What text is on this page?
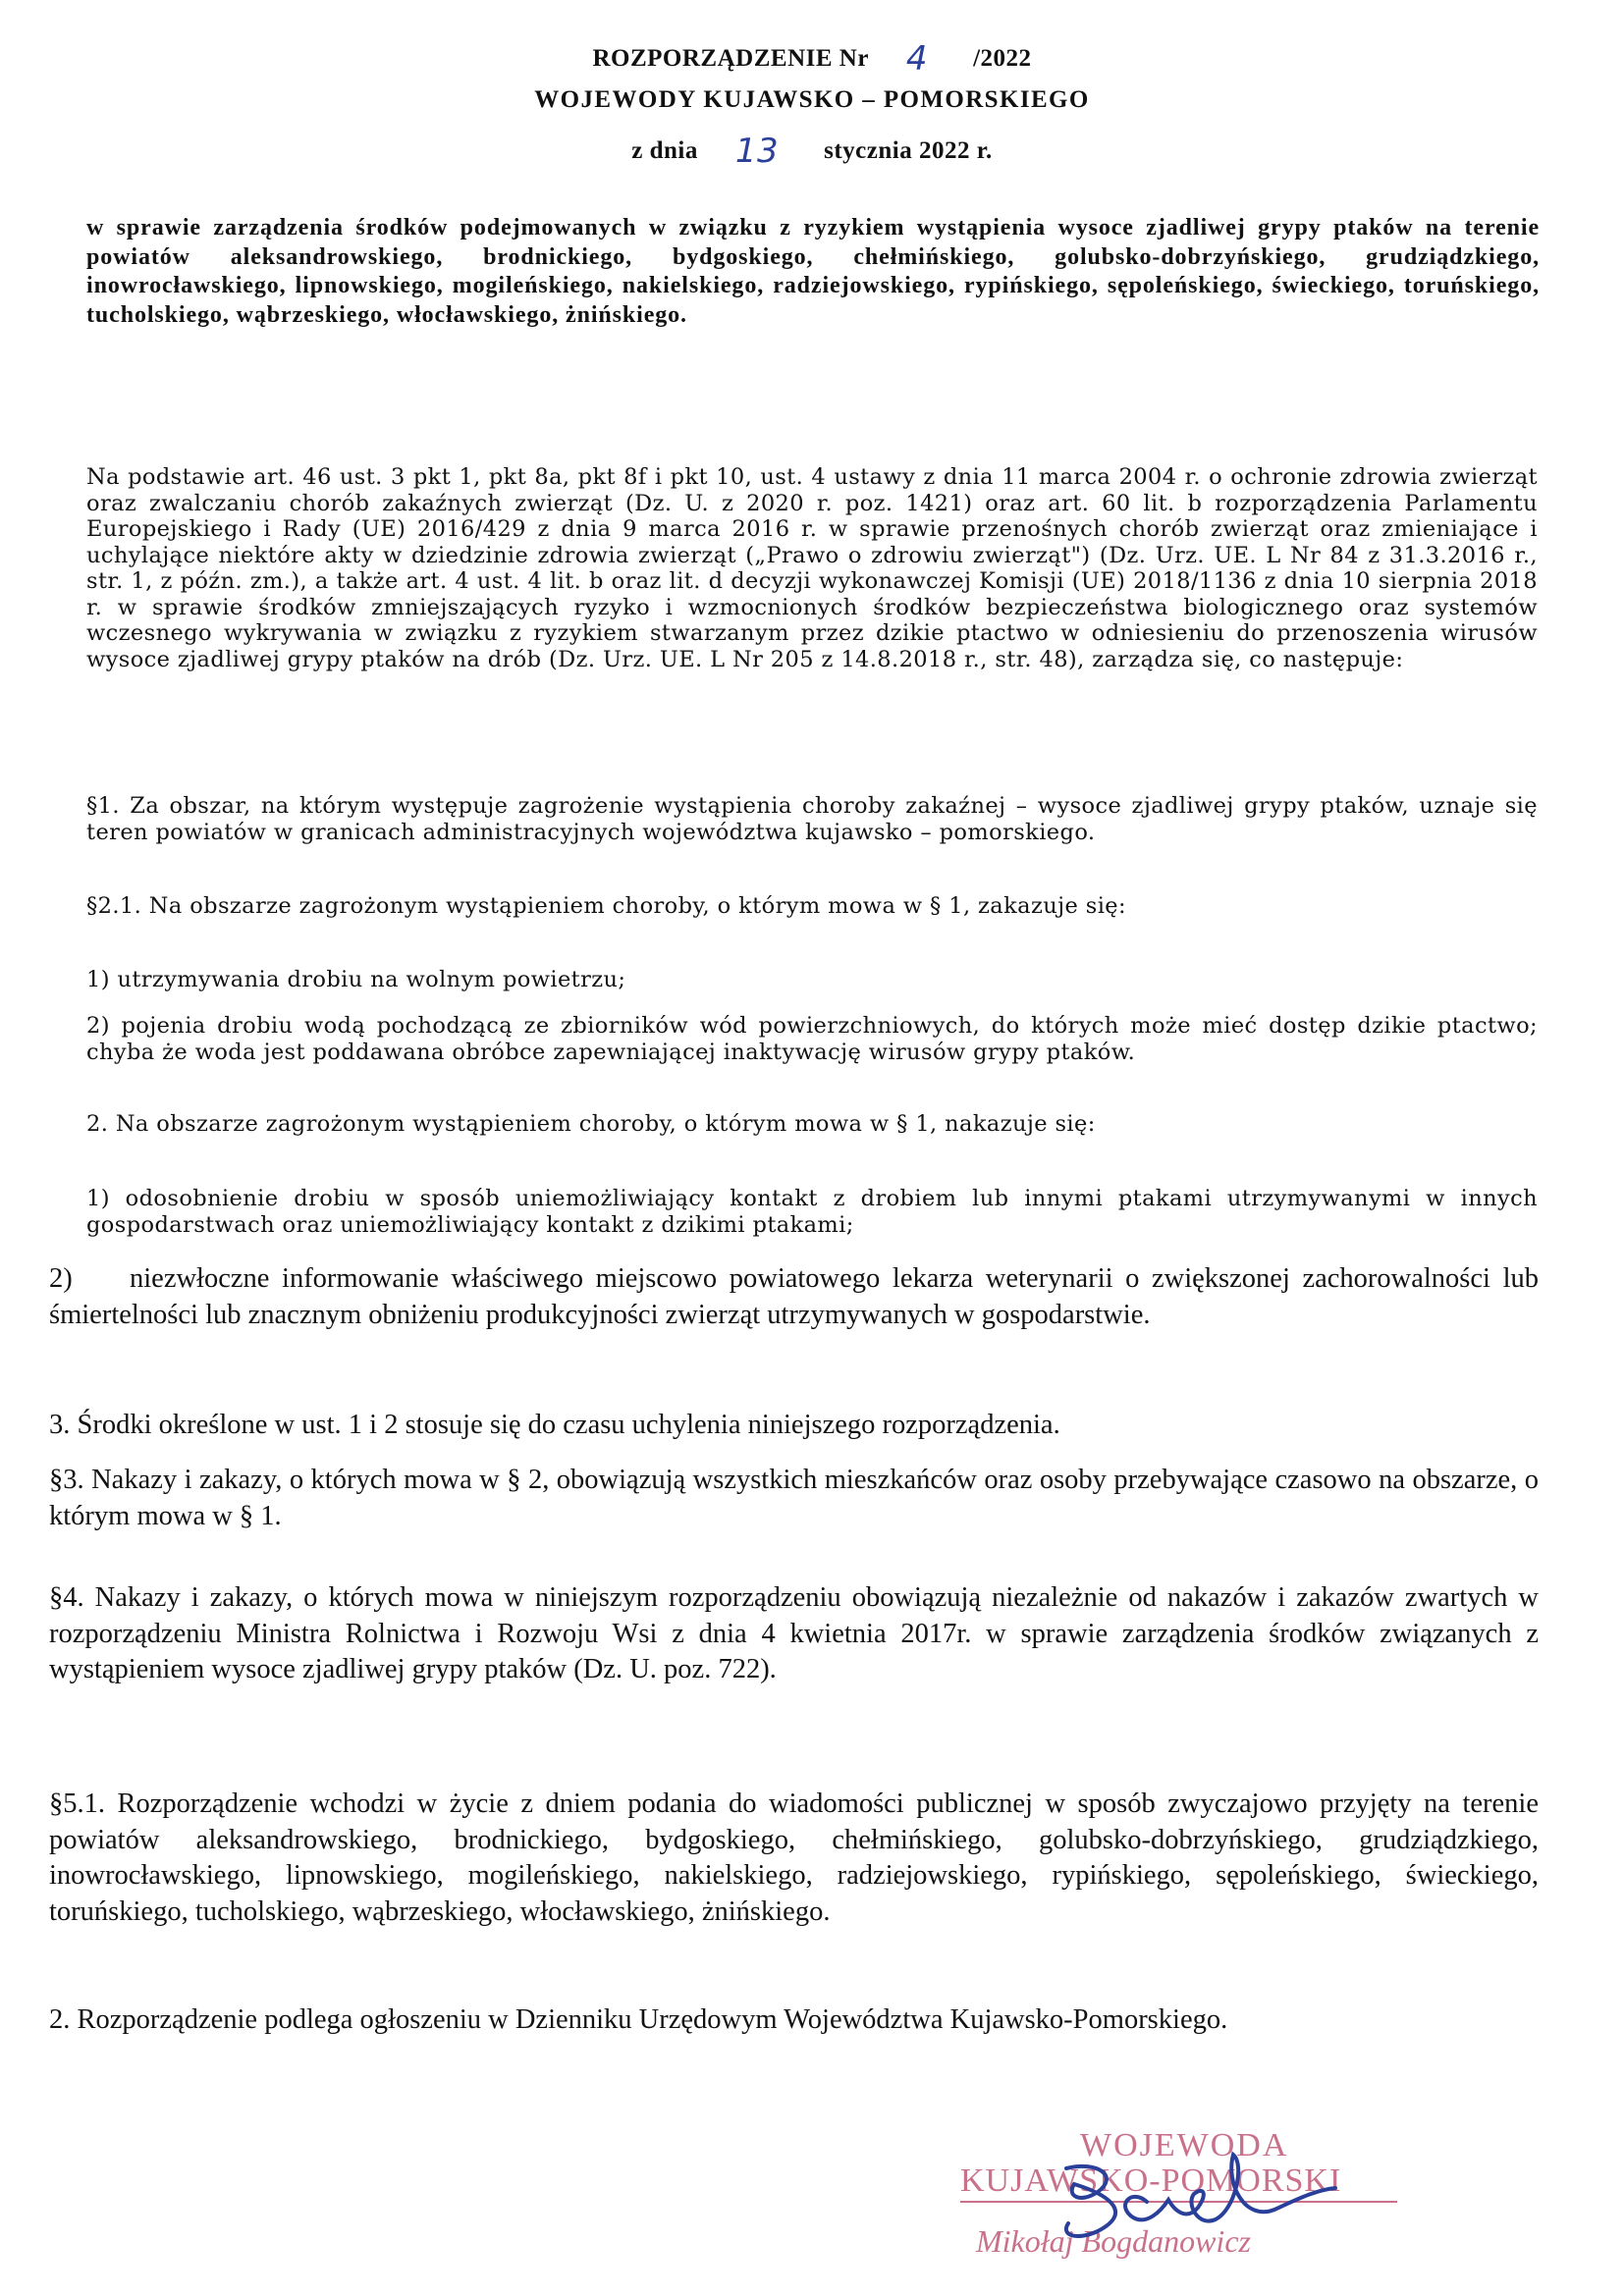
ROZPORZĄDZENIE Nr 4 /2022
WOJEWODY KUJAWSKO – POMORSKIEGO
z dnia 13 stycznia 2022 r.
w sprawie zarządzenia środków podejmowanych w związku z ryzykiem wystąpienia wysoce zjadliwej grypy ptaków na terenie powiatów aleksandrowskiego, brodnickiego, bydgoskiego, chełmińskiego, golubsko-dobrzyńskiego, grudziądzkiego, inowrocławskiego, lipnowskiego, mogileńskiego, nakielskiego, radziejowskiego, rypińskiego, sępoleńskiego, świeckiego, toruńskiego, tucholskiego, wąbrzeskiego, włocławskiego, żnińskiego.

Na podstawie art. 46 ust. 3 pkt 1, pkt 8a, pkt 8f i pkt 10, ust. 4 ustawy z dnia 11 marca 2004 r. o ochronie zdrowia zwierząt oraz zwalczaniu chorób zakaźnych zwierząt (Dz. U. z 2020 r. poz. 1421) oraz art. 60 lit. b rozporządzenia Parlamentu Europejskiego i Rady (UE) 2016/429 z dnia 9 marca 2016 r. w sprawie przenośnych chorób zwierząt oraz zmieniające i uchylające niektóre akty w dziedzinie zdrowia zwierząt („Prawo o zdrowiu zwierząt") (Dz. Urz. UE. L Nr 84 z 31.3.2016 r., str. 1, z późn. zm.), a także art. 4 ust. 4 lit. b oraz lit. d decyzji wykonawczej Komisji (UE) 2018/1136 z dnia 10 sierpnia 2018 r. w sprawie środków zmniejszających ryzyko i wzmocnionych środków bezpieczeństwa biologicznego oraz systemów wczesnego wykrywania w związku z ryzykiem stwarzanym przez dzikie ptactwo w odniesieniu do przenoszenia wirusów wysoce zjadliwej grypy ptaków na drób (Dz. Urz. UE. L Nr 205 z 14.8.2018 r., str. 48), zarządza się, co następuje:

§1. Za obszar, na którym występuje zagrożenie wystąpienia choroby zakaźnej – wysoce zjadliwej grypy ptaków, uznaje się teren powiatów w granicach administracyjnych województwa kujawsko – pomorskiego.

§2.1. Na obszarze zagrożonym wystąpieniem choroby, o którym mowa w § 1, zakazuje się:

1) utrzymywania drobiu na wolnym powietrzu;

2) pojenia drobiu wodą pochodzącą ze zbiorników wód powierzchniowych, do których może mieć dostęp dzikie ptactwo; chyba że woda jest poddawana obróbce zapewniającej inaktywację wirusów grypy ptaków.

2. Na obszarze zagrożonym wystąpieniem choroby, o którym mowa w § 1, nakazuje się:

1) odosobnienie drobiu w sposób uniemożliwiający kontakt z drobiem lub innymi ptakami utrzymywanymi w innych gospodarstwach oraz uniemożliwiający kontakt z dzikimi ptakami;

2)	niezwłoczne informowanie właściwego miejscowo powiatowego lekarza weterynarii o zwiększonej zachorowalności lub śmiertelności lub znacznym obniżeniu produkcyjności zwierząt utrzymywanych w gospodarstwie.

3. Środki określone w ust. 1 i 2 stosuje się do czasu uchylenia niniejszego rozporządzenia.

§3. Nakazy i zakazy, o których mowa w § 2, obowiązują wszystkich mieszkańców oraz osoby przebywające czasowo na obszarze, o którym mowa w § 1.

§4. Nakazy i zakazy, o których mowa w niniejszym rozporządzeniu obowiązują niezależnie od nakazów i zakazów zwartych w rozporządzeniu Ministra Rolnictwa i Rozwoju Wsi z dnia 4 kwietnia 2017r. w sprawie zarządzenia środków związanych z wystąpieniem wysoce zjadliwej grypy ptaków (Dz. U. poz. 722).

§5.1. Rozporządzenie wchodzi w życie z dniem podania do wiadomości publicznej w sposób zwyczajowo przyjęty na terenie powiatów aleksandrowskiego, brodnickiego, bydgoskiego, chełmińskiego, golubsko-dobrzyńskiego, grudziądzkiego, inowrocławskiego, lipnowskiego, mogileńskiego, nakielskiego, radziejowskiego, rypińskiego, sępoleńskiego, świeckiego, toruńskiego, tucholskiego, wąbrzeskiego, włocławskiego, żnińskiego.

2. Rozporządzenie podlega ogłoszeniu w Dzienniku Urzędowym Województwa Kujawsko-Pomorskiego.

WOJEWODA
KUJAWSKO-POMORSKI
Mikołaj Bogdanowicz
